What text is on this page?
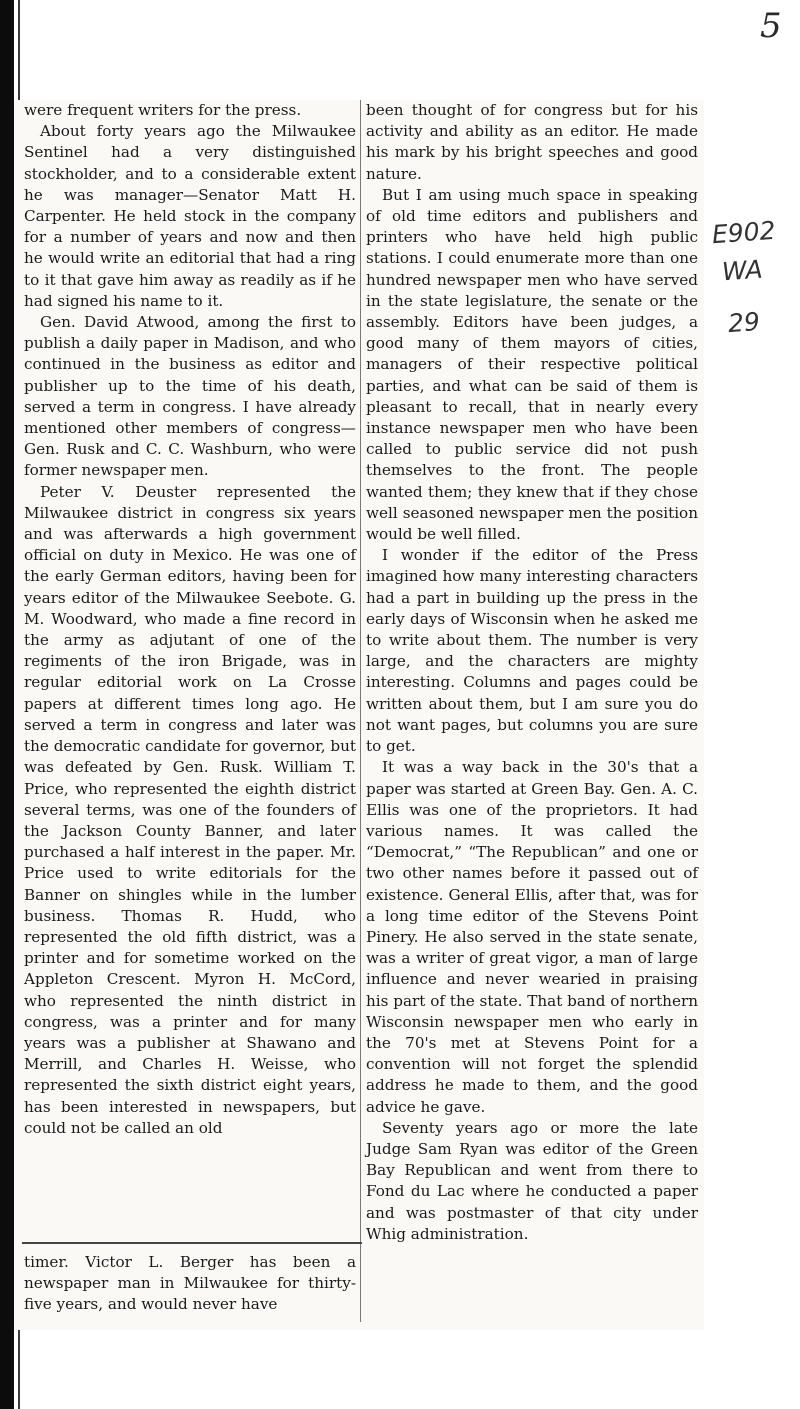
5
E902
WA
29

were frequent writers for the press.

About forty years ago the Milwaukee Sentinel had a very distinguished stockholder, and to a considerable extent he was manager—Senator Matt H. Carpenter. He held stock in the company for a number of years and now and then he would write an editorial that had a ring to it that gave him away as readily as if he had signed his name to it.

Gen. David Atwood, among the first to publish a daily paper in Madison, and who continued in the business as editor and publisher up to the time of his death, served a term in congress. I have already mentioned other members of congress—Gen. Rusk and C. C. Washburn, who were former newspaper men.

Peter V. Deuster represented the Milwaukee district in congress six years and was afterwards a high government official on duty in Mexico. He was one of the early German editors, having been for years editor of the Milwaukee Seebote. G. M. Woodward, who made a fine record in the army as adjutant of one of the regiments of the iron Brigade, was in regular editorial work on La Crosse papers at different times long ago. He served a term in congress and later was the democratic candidate for governor, but was defeated by Gen. Rusk. William T. Price, who represented the eighth district several terms, was one of the founders of the Jackson County Banner, and later purchased a half interest in the paper. Mr. Price used to write editorials for the Banner on shingles while in the lumber business. Thomas R. Hudd, who represented the old fifth district, was a printer and for sometime worked on the Appleton Crescent. Myron H. McCord, who represented the ninth district in congress, was a printer and for many years was a publisher at Shawano and Merrill, and Charles H. Weisse, who represented the sixth district eight years, has been interested in newspapers, but could not be called an old

been thought of for congress but for his activity and ability as an editor. He made his mark by his bright speeches and good nature.

But I am using much space in speaking of old time editors and publishers and printers who have held high public stations. I could enumerate more than one hundred newspaper men who have served in the state legislature, the senate or the assembly. Editors have been judges, a good many of them mayors of cities, managers of their respective political parties, and what can be said of them is pleasant to recall, that in nearly every instance newspaper men who have been called to public service did not push themselves to the front. The people wanted them; they knew that if they chose well seasoned newspaper men the position would be well filled.

I wonder if the editor of the Press imagined how many interesting characters had a part in building up the press in the early days of Wisconsin when he asked me to write about them. The number is very large, and the characters are mighty interesting. Columns and pages could be written about them, but I am sure you do not want pages, but columns you are sure to get.

It was a way back in the 30's that a paper was started at Green Bay. Gen. A. C. Ellis was one of the proprietors. It had various names. It was called the “Democrat,” “The Republican” and one or two other names before it passed out of existence. General Ellis, after that, was for a long time editor of the Stevens Point Pinery. He also served in the state senate, was a writer of great vigor, a man of large influence and never wearied in praising his part of the state. That band of northern Wisconsin newspaper men who early in the 70's met at Stevens Point for a convention will not forget the splendid address he made to them, and the good advice he gave.

Seventy years ago or more the late Judge Sam Ryan was editor of the Green Bay Republican and went from there to Fond du Lac where he conducted a paper and was postmaster of that city under Whig administration.

timer. Victor L. Berger has been a newspaper man in Milwaukee for thirty-five years, and would never have
